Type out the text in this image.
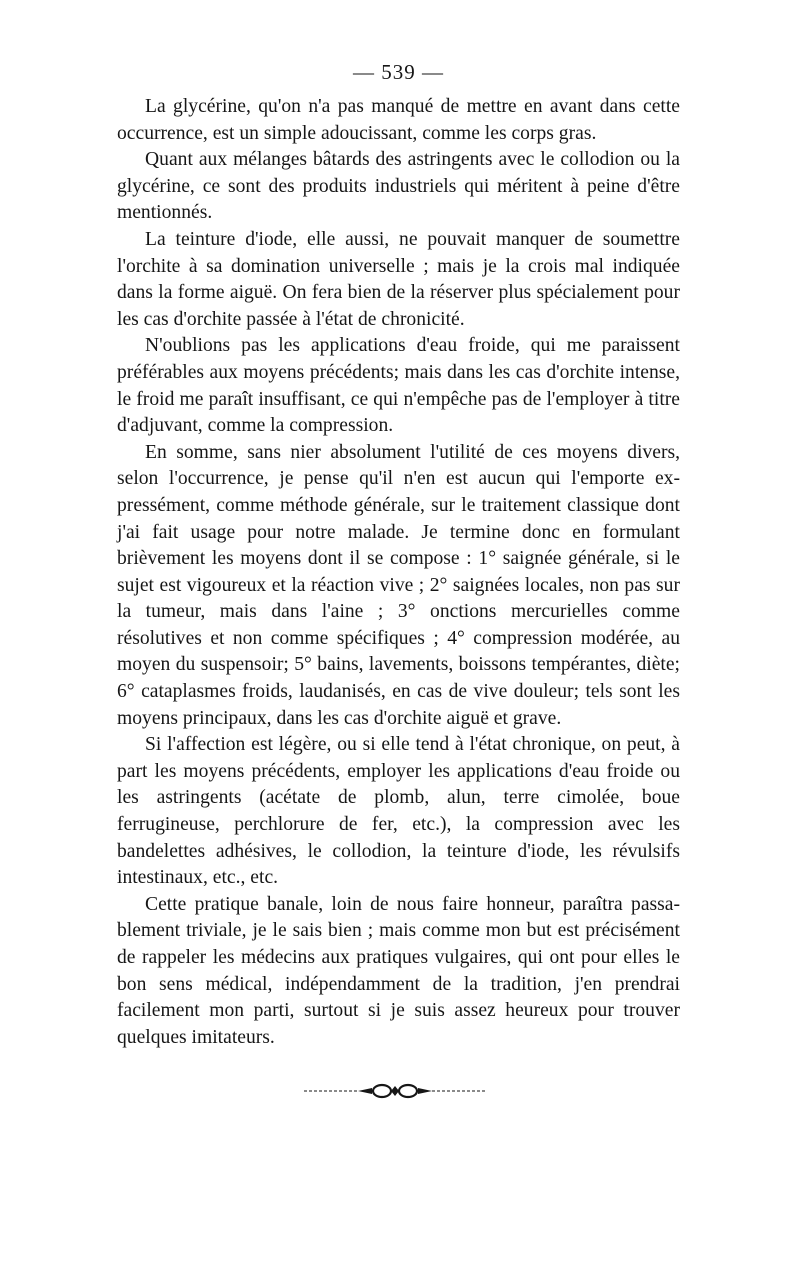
— 539 —

La glycérine, qu'on n'a pas manqué de mettre en avant dans cette occurrence, est un simple adoucissant, comme les corps gras.

Quant aux mélanges bâtards des astringents avec le collodion ou la glycérine, ce sont des produits industriels qui méritent à peine d'être mentionnés.

La teinture d'iode, elle aussi, ne pouvait manquer de soumettre l'orchite à sa domination universelle ; mais je la crois mal indiquée dans la forme aiguë. On fera bien de la réserver plus spécialement pour les cas d'orchite passée à l'état de chronicité.

N'oublions pas les applications d'eau froide, qui me paraissent préférables aux moyens précédents; mais dans les cas d'orchite intense, le froid me paraît insuffisant, ce qui n'empêche pas de l'employer à titre d'adjuvant, comme la compression.

En somme, sans nier absolument l'utilité de ces moyens divers, selon l'occurrence, je pense qu'il n'en est aucun qui l'emporte expressément, comme méthode générale, sur le traitement classique dont j'ai fait usage pour notre malade. Je termine donc en formulant brièvement les moyens dont il se compose : 1° saignée générale, si le sujet est vigoureux et la réaction vive ; 2° saignées locales, non pas sur la tumeur, mais dans l'aine ; 3° onctions mercurielles comme résolutives et non comme spécifiques ; 4° compression modérée, au moyen du suspensoir; 5° bains, lavements, boissons tempérantes, diète; 6° cataplasmes froids, laudanisés, en cas de vive douleur; tels sont les moyens principaux, dans les cas d'orchite aiguë et grave.

Si l'affection est légère, ou si elle tend à l'état chronique, on peut, à part les moyens précédents, employer les applications d'eau froide ou les astringents (acétate de plomb, alun, terre cimolée, boue ferrugineuse, perchlorure de fer, etc.), la compression avec les bandelettes adhésives, le collodion, la teinture d'iode, les révulsifs intestinaux, etc., etc.

Cette pratique banale, loin de nous faire honneur, paraîtra passablement triviale, je le sais bien ; mais comme mon but est précisément de rappeler les médecins aux pratiques vulgaires, qui ont pour elles le bon sens médical, indépendamment de la tradition, j'en prendrai facilement mon parti, surtout si je suis assez heureux pour trouver quelques imitateurs.
